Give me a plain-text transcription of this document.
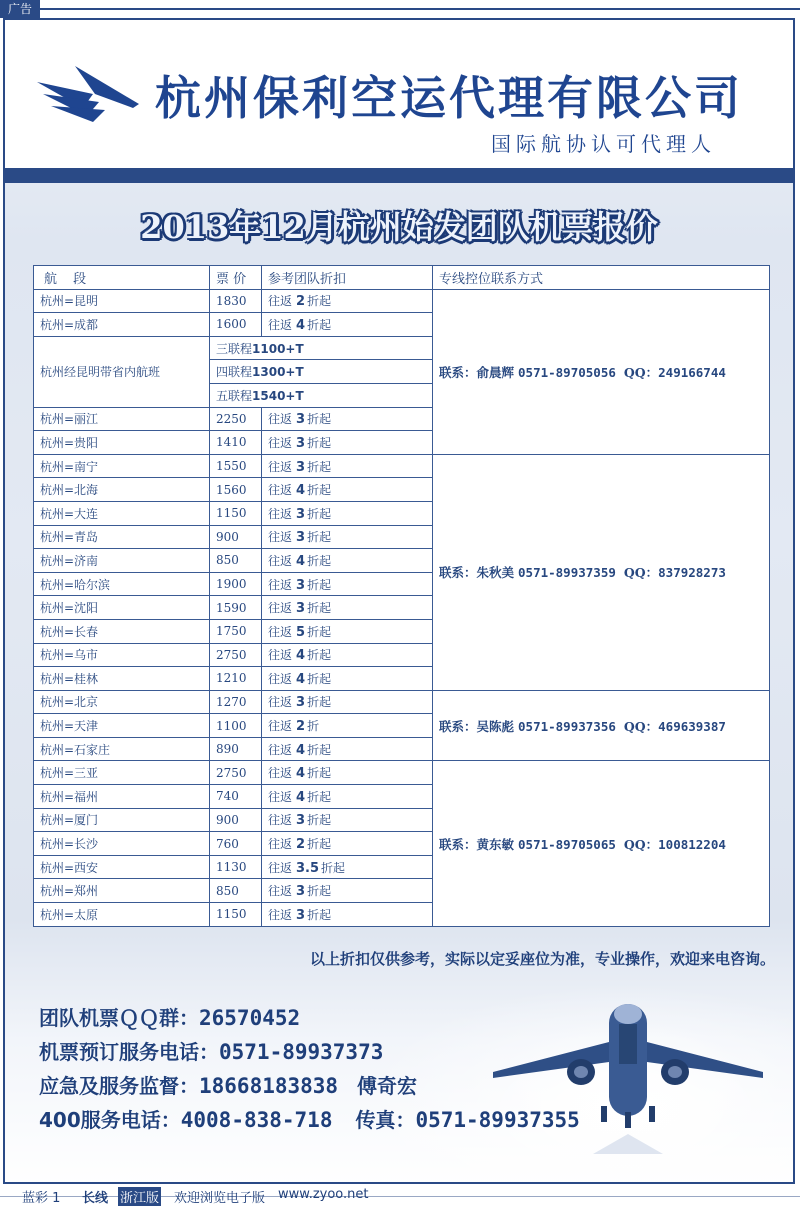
广告
杭州保利空运代理有限公司
国际航协认可代理人
2013年12月杭州始发团队机票报价
航 段	票 价	参考团队折扣	专线控位联系方式
杭州=昆明	1830	往返 2 折起	联系：俞晨辉 0571-89705056 QQ：249166744
杭州=成都	1600	往返 4 折起	
杭州经昆明带省内航班	三联程1100+T		
	四联程1300+T		
	五联程1540+T		
杭州=丽江	2250	往返 3 折起	
杭州=贵阳	1410	往返 3 折起	
杭州=南宁	1550	往返 3 折起	联系：朱秋美 0571-89937359 QQ：837928273
杭州=北海	1560	往返 4 折起	
杭州=大连	1150	往返 3 折起	
杭州=青岛	900	往返 3 折起	
杭州=济南	850	往返 4 折起	
杭州=哈尔滨	1900	往返 3 折起	
杭州=沈阳	1590	往返 3 折起	
杭州=长春	1750	往返 5 折起	
杭州=乌市	2750	往返 4 折起	
杭州=桂林	1210	往返 4 折起	
杭州=北京	1270	往返 3 折起	联系：吴陈彪 0571-89937356 QQ：469639387
杭州=天津	1100	往返 2 折	
杭州=石家庄	890	往返 4 折起	
杭州=三亚	2750	往返 4 折起	联系：黄东敏 0571-89705065 QQ：100812204
杭州=福州	740	往返 4 折起	
杭州=厦门	900	往返 3 折起	
杭州=长沙	760	往返 2 折起	
杭州=西安	1130	往返 3.5 折起	
杭州=郑州	850	往返 3 折起	
杭州=太原	1150	往返 3 折起	
以上折扣仅供参考，实际以定妥座位为准，专业操作，欢迎来电咨询。
团队机票ＱＱ群：26570452
机票预订服务电话：0571-89937373
应急及服务监督：18668183838 傅奇宏
400服务电话：4008-838-718 传真：0571-89937355
蓝彩 1 长线 浙江版 欢迎浏览电子版 www.zyoo.net
